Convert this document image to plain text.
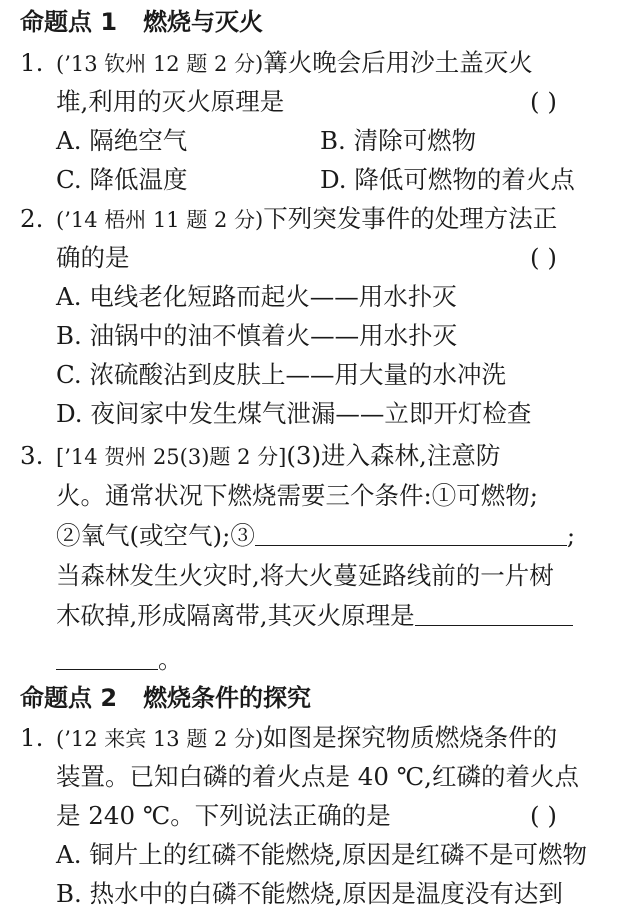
命题点 1 燃烧与灭火
1. (’13 钦州 12 题 2 分)篝火晚会后用沙土盖灭火
堆,利用的灭火原理是	( )
A. 隔绝空气	B. 清除可燃物
C. 降低温度	D. 降低可燃物的着火点
2. (’14 梧州 11 题 2 分)下列突发事件的处理方法正
确的是	( )
A. 电线老化短路而起火——用水扑灭
B. 油锅中的油不慎着火——用水扑灭
C. 浓硫酸沾到皮肤上——用大量的水冲洗
D. 夜间家中发生煤气泄漏——立即开灯检查
3. [’14 贺州 25(3)题 2 分](3)进入森林,注意防
火。通常状况下燃烧需要三个条件:①可燃物;
②氧气(或空气);③	;
当森林发生火灾时,将大火蔓延路线前的一片树
木砍掉,形成隔离带,其灭火原理是
。
命题点 2 燃烧条件的探究
1. (’12 来宾 13 题 2 分)如图是探究物质燃烧条件的
装置。已知白磷的着火点是 40 ℃,红磷的着火点
是 240 ℃。下列说法正确的是	( )
A. 铜片上的红磷不能燃烧,原因是红磷不是可燃物
B. 热水中的白磷不能燃烧,原因是温度没有达到
